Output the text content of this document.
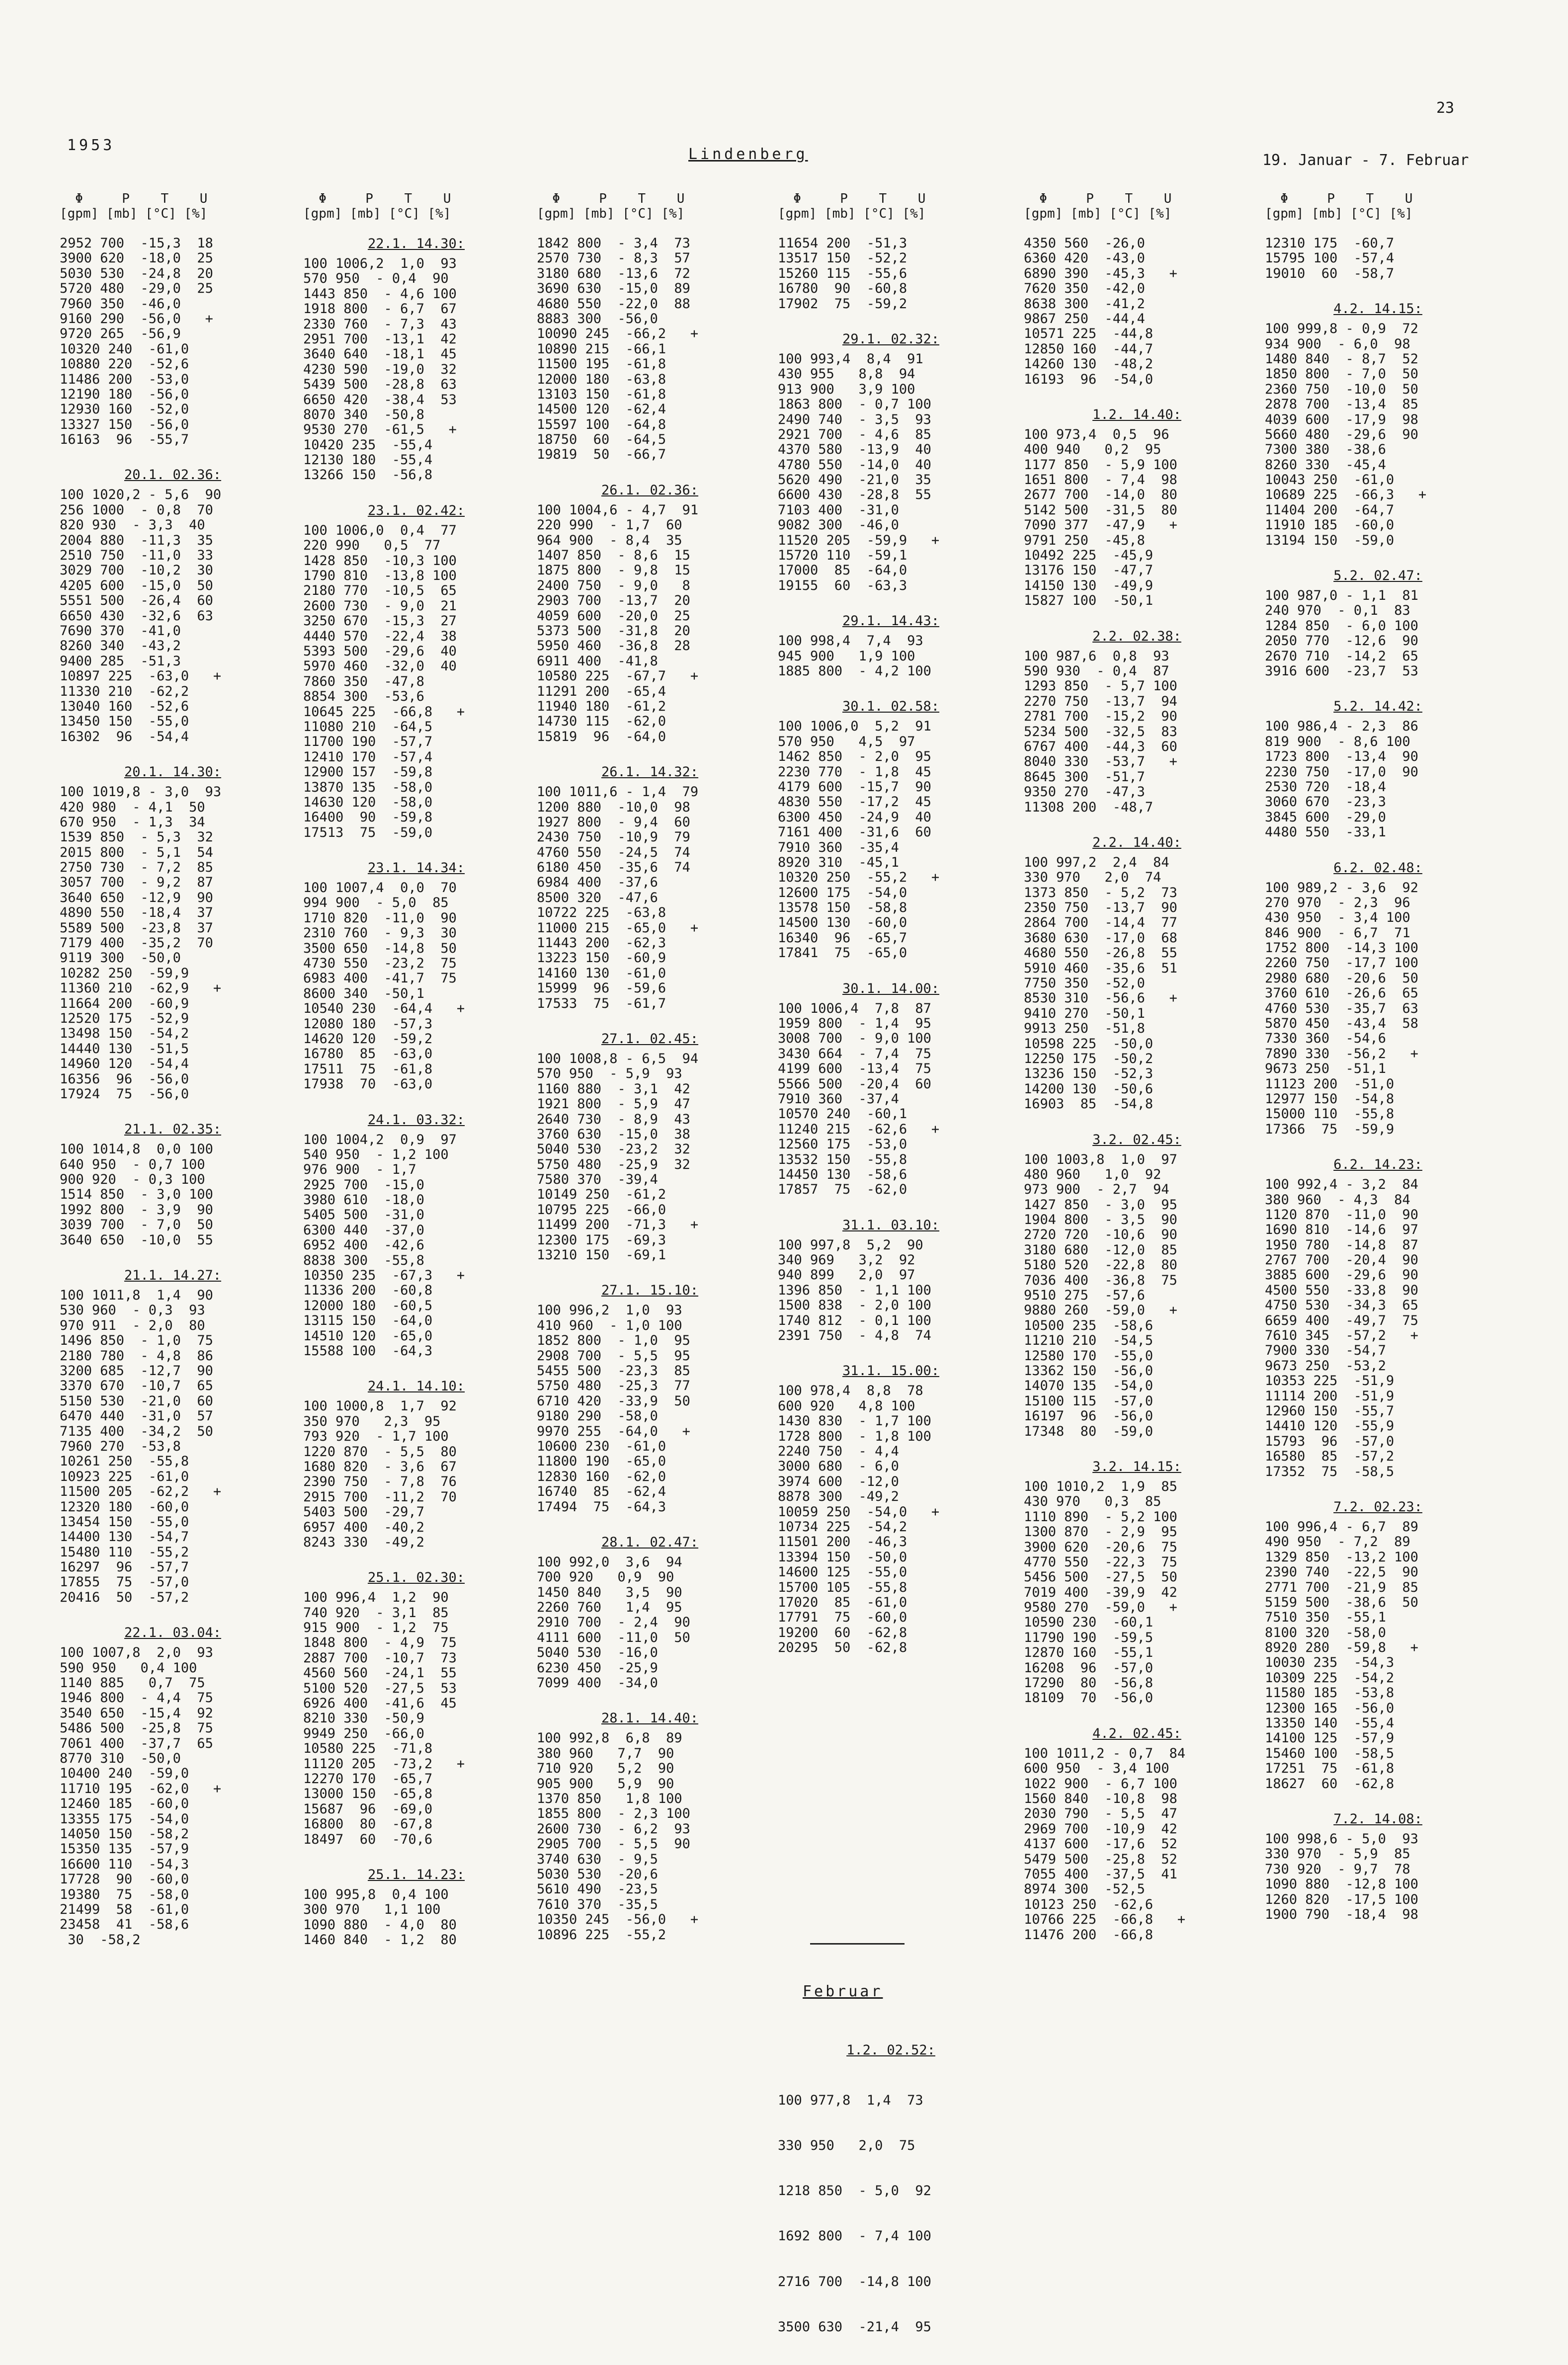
1953
Lindenberg	19. Januar - 7. Februar
23
Φ     P    T    U
[gpm] [mb] [°C] [%]
2952 700  -15,3  18
3900 620  -18,0  25
5030 530  -24,8  20
5720 480  -29,0  25
7960 350  -46,0
9160 290  -56,0   +
9720 265  -56,9
10320 240  -61,0
10880 220  -52,6
11486 200  -53,0
12190 180  -56,0
12930 160  -52,0
13327 150  -56,0
16163  96  -55,7
20.1. 02.36:
100 1020,2 - 5,6  90
256 1000  - 0,8  70
820 930  - 3,3  40
2004 880  -11,3  35
2510 750  -11,0  33
3029 700  -10,2  30
4205 600  -15,0  50
5551 500  -26,4  60
6650 430  -32,6  63
7690 370  -41,0
8260 340  -43,2
9400 285  -51,3
10897 225  -63,0   +
11330 210  -62,2
13040 160  -52,6
13450 150  -55,0
16302  96  -54,4
20.1. 14.30:
100 1019,8 - 3,0  93
420 980  - 4,1  50
670 950  - 1,3  34
1539 850  - 5,3  32
2015 800  - 5,1  54
2750 730  - 7,2  85
3057 700  - 9,2  87
3640 650  -12,9  90
4890 550  -18,4  37
5589 500  -23,8  37
7179 400  -35,2  70
9119 300  -50,0
10282 250  -59,9
11360 210  -62,9   +
11664 200  -60,9
12520 175  -52,9
13498 150  -54,2
14440 130  -51,5
14960 120  -54,4
16356  96  -56,0
17924  75  -56,0
21.1. 02.35:
100 1014,8  0,0 100
640 950  - 0,7 100
900 920  - 0,3 100
1514 850  - 3,0 100
1992 800  - 3,9  90
3039 700  - 7,0  50
3640 650  -10,0  55
21.1. 14.27:
100 1011,8  1,4  90
530 960  - 0,3  93
970 911  - 2,0  80
1496 850  - 1,0  75
2180 780  - 4,8  86
3200 685  -12,7  90
3370 670  -10,7  65
5150 530  -21,0  60
6470 440  -31,0  57
7135 400  -34,2  50
7960 270  -53,8
10261 250  -55,8
10923 225  -61,0
11500 205  -62,2   +
12320 180  -60,0
13454 150  -55,0
14400 130  -54,7
15480 110  -55,2
16297  96  -57,7
17855  75  -57,0
20416  50  -57,2
22.1. 03.04:
100 1007,8  2,0  93
590 950   0,4 100
1140 885   0,7  75
1946 800  - 4,4  75
3540 650  -15,4  92
5486 500  -25,8  75
7061 400  -37,7  65
8770 310  -50,0
10400 240  -59,0
11710 195  -62,0   +
12460 185  -60,0
13355 175  -54,0
14050 150  -58,2
15350 135  -57,9
16600 110  -54,3
17728  90  -60,0
19380  75  -58,0
21499  58  -61,0
23458  41  -58,6
30  -58,2
Φ     P    T    U
[gpm] [mb] [°C] [%]
22.1. 14.30:
100 1006,2  1,0  93
570 950  - 0,4  90
1443 850  - 4,6 100
1918 800  - 6,7  67
2330 760  - 7,3  43
2951 700  -13,1  42
3640 640  -18,1  45
4230 590  -19,0  32
5439 500  -28,8  63
6650 420  -38,4  53
8070 340  -50,8
9530 270  -61,5   +
10420 235  -55,4
12130 180  -55,4
13266 150  -56,8
23.1. 02.42:
100 1006,0  0,4  77
220 990   0,5  77
1428 850  -10,3 100
1790 810  -13,8 100
2180 770  -10,5  65
2600 730  - 9,0  21
3250 670  -15,3  27
4440 570  -22,4  38
5393 500  -29,6  40
5970 460  -32,0  40
7860 350  -47,8
8854 300  -53,6
10645 225  -66,8   +
11080 210  -64,5
11700 190  -57,7
12410 170  -57,4
12900 157  -59,8
13870 135  -58,0
14630 120  -58,0
16400  90  -59,8
17513  75  -59,0
23.1. 14.34:
100 1007,4  0,0  70
994 900  - 5,0  85
1710 820  -11,0  90
2310 760  - 9,3  30
3500 650  -14,8  50
4730 550  -23,2  75
6983 400  -41,7  75
8600 340  -50,1
10540 230  -64,4   +
12080 180  -57,3
14620 120  -59,2
16780  85  -63,0
17511  75  -61,8
17938  70  -63,0
24.1. 03.32:
100 1004,2  0,9  97
540 950  - 1,2 100
976 900  - 1,7
2925 700  -15,0
3980 610  -18,0
5405 500  -31,0
6300 440  -37,0
6952 400  -42,6
8838 300  -55,8
10350 235  -67,3   +
11336 200  -60,8
12000 180  -60,5
13115 150  -64,0
14510 120  -65,0
15588 100  -64,3
24.1. 14.10:
100 1000,8  1,7  92
350 970   2,3  95
793 920  - 1,7 100
1220 870  - 5,5  80
1680 820  - 3,6  67
2390 750  - 7,8  76
2915 700  -11,2  70
5403 500  -29,7
6957 400  -40,2
8243 330  -49,2
25.1. 02.30:
100 996,4  1,2  90
740 920  - 3,1  85
915 900  - 1,2  75
1848 800  - 4,9  75
2887 700  -10,7  73
4560 560  -24,1  55
5100 520  -27,5  53
6926 400  -41,6  45
8210 330  -50,9
9949 250  -66,0
10580 225  -71,8
11120 205  -73,2   +
12270 170  -65,7
13000 150  -65,8
15687  96  -69,0
16800  80  -67,8
18497  60  -70,6
25.1. 14.23:
100 995,8  0,4 100
300 970   1,1 100
1090 880  - 4,0  80
1460 840  - 1,2  80
Φ     P    T    U
[gpm] [mb] [°C] [%]
1842 800  - 3,4  73
2570 730  - 8,3  57
3180 680  -13,6  72
3690 630  -15,0  89
4680 550  -22,0  88
8883 300  -56,0
10090 245  -66,2   +
10890 215  -66,1
11500 195  -61,8
12000 180  -63,8
13103 150  -61,8
14500 120  -62,4
15597 100  -64,8
18750  60  -64,5
19819  50  -66,7
26.1. 02.36:
100 1004,6 - 4,7  91
220 990  - 1,7  60
964 900  - 8,4  35
1407 850  - 8,6  15
1875 800  - 9,8  15
2400 750  - 9,0   8
2903 700  -13,7  20
4059 600  -20,0  25
5373 500  -31,8  20
5950 460  -36,8  28
6911 400  -41,8
10580 225  -67,7   +
11291 200  -65,4
11940 180  -61,2
14730 115  -62,0
15819  96  -64,0
26.1. 14.32:
100 1011,6 - 1,4  79
1200 880  -10,0  98
1927 800  - 9,4  60
2430 750  -10,9  79
4760 550  -24,5  74
6180 450  -35,6  74
6984 400  -37,6
8500 320  -47,6
10722 225  -63,8
11000 215  -65,0   +
11443 200  -62,3
13223 150  -60,9
14160 130  -61,0
15999  96  -59,6
17533  75  -61,7
27.1. 02.45:
100 1008,8 - 6,5  94
570 950  - 5,9  93
1160 880  - 3,1  42
1921 800  - 5,9  47
2640 730  - 8,9  43
3760 630  -15,0  38
5040 530  -23,2  32
5750 480  -25,9  32
7580 370  -39,4
10149 250  -61,2
10795 225  -66,0
11499 200  -71,3   +
12300 175  -69,3
13210 150  -69,1
27.1. 15.10:
100 996,2  1,0  93
410 960  - 1,0 100
1852 800  - 1,0  95
2908 700  - 5,5  95
5455 500  -23,3  85
5750 480  -25,3  77
6710 420  -33,9  50
9180 290  -58,0
9970 255  -64,0   +
10600 230  -61,0
11800 190  -65,0
12830 160  -62,0
16740  85  -62,4
17494  75  -64,3
28.1. 02.47:
100 992,0  3,6  94
700 920   0,9  90
1450 840   3,5  90
2260 760   1,4  95
2910 700  - 2,4  90
4111 600  -11,0  50
5040 530  -16,0
6230 450  -25,9
7099 400  -34,0
28.1. 14.40:
100 992,8  6,8  89
380 960   7,7  90
710 920   5,2  90
905 900   5,9  90
1370 850   1,8 100
1855 800  - 2,3 100
2600 730  - 6,2  93
2905 700  - 5,5  90
3740 630  - 9,5
5030 530  -20,6
5610 490  -23,5
7610 370  -35,5
10350 245  -56,0   +
10896 225  -55,2
Φ     P    T    U
[gpm] [mb] [°C] [%]
11654 200  -51,3
13517 150  -52,2
15260 115  -55,6
16780  90  -60,8
17902  75  -59,2
29.1. 02.32:
100 993,4  8,4  91
430 955   8,8  94
913 900   3,9 100
1863 800  - 0,7 100
2490 740  - 3,5  93
2921 700  - 4,6  85
4370 580  -13,9  40
4780 550  -14,0  40
5620 490  -21,0  35
6600 430  -28,8  55
7103 400  -31,0
9082 300  -46,0
11520 205  -59,9   +
15720 110  -59,1
17000  85  -64,0
19155  60  -63,3
29.1. 14.43:
100 998,4  7,4  93
945 900   1,9 100
1885 800  - 4,2 100
30.1. 02.58:
100 1006,0  5,2  91
570 950   4,5  97
1462 850  - 2,0  95
2230 770  - 1,8  45
4179 600  -15,7  90
4830 550  -17,2  45
6300 450  -24,9  40
7161 400  -31,6  60
7910 360  -35,4
8920 310  -45,1
10320 250  -55,2   +
12600 175  -54,0
13578 150  -58,8
14500 130  -60,0
16340  96  -65,7
17841  75  -65,0
30.1. 14.00:
100 1006,4  7,8  87
1959 800  - 1,4  95
3008 700  - 9,0 100
3430 664  - 7,4  75
4199 600  -13,4  75
5566 500  -20,4  60
7910 360  -37,4
10570 240  -60,1
11240 215  -62,6   +
12560 175  -53,0
13532 150  -55,8
14450 130  -58,6
17857  75  -62,0
31.1. 03.10:
100 997,8  5,2  90
340 969   3,2  92
940 899   2,0  97
1396 850  - 1,1 100
1500 838  - 2,0 100
1740 812  - 0,1 100
2391 750  - 4,8  74
31.1. 15.00:
100 978,4  8,8  78
600 920   4,8 100
1430 830  - 1,7 100
1728 800  - 1,8 100
2240 750  - 4,4
3000 680  - 6,0
3974 600  -12,0
8878 300  -49,2
10059 250  -54,0   +
10734 225  -54,2
11501 200  -46,3
13394 150  -50,0
14600 125  -55,0
15700 105  -55,8
17020  85  -61,0
17791  75  -60,0
19200  60  -62,8
20295  50  -62,8
Φ     P    T    U
[gpm] [mb] [°C] [%]
4350 560  -26,0
6360 420  -43,0
6890 390  -45,3   +
7620 350  -42,0
8638 300  -41,2
9867 250  -44,4
10571 225  -44,8
12850 160  -44,7
14260 130  -48,2
16193  96  -54,0
1.2. 14.40:
100 973,4  0,5  96
400 940   0,2  95
1177 850  - 5,9 100
1651 800  - 7,4  98
2677 700  -14,0  80
5142 500  -31,5  80
7090 377  -47,9   +
9791 250  -45,8
10492 225  -45,9
13176 150  -47,7
14150 130  -49,9
15827 100  -50,1
2.2. 02.38:
100 987,6  0,8  93
590 930  - 0,4  87
1293 850  - 5,7 100
2270 750  -13,7  94
2781 700  -15,2  90
5234 500  -32,5  83
6767 400  -44,3  60
8040 330  -53,7   +
8645 300  -51,7
9350 270  -47,3
11308 200  -48,7
2.2. 14.40:
100 997,2  2,4  84
330 970   2,0  74
1373 850  - 5,2  73
2350 750  -13,7  90
2864 700  -14,4  77
3680 630  -17,0  68
4680 550  -26,8  55
5910 460  -35,6  51
7750 350  -52,0
8530 310  -56,6   +
9410 270  -50,1
9913 250  -51,8
10598 225  -50,0
12250 175  -50,2
13236 150  -52,3
14200 130  -50,6
16903  85  -54,8
3.2. 02.45:
100 1003,8  1,0  97
480 960   1,0  92
973 900  - 2,7  94
1427 850  - 3,0  95
1904 800  - 3,5  90
2720 720  -10,6  90
3180 680  -12,0  85
5180 520  -22,8  80
7036 400  -36,8  75
9510 275  -57,6
9880 260  -59,0   +
10500 235  -58,6
11210 210  -54,5
12580 170  -55,0
13362 150  -56,0
14070 135  -54,0
15100 115  -57,0
16197  96  -56,0
17348  80  -59,0
3.2. 14.15:
100 1010,2  1,9  85
430 970   0,3  85
1110 890  - 5,2 100
1300 870  - 2,9  95
3900 620  -20,6  75
4770 550  -22,3  75
5456 500  -27,5  50
7019 400  -39,9  42
9580 270  -59,0   +
10590 230  -60,1
11790 190  -59,5
12870 160  -55,1
16208  96  -57,0
17290  80  -56,8
18109  70  -56,0
4.2. 02.45:
100 1011,2 - 0,7  84
600 950  - 3,4 100
1022 900  - 6,7 100
1560 840  -10,8  98
2030 790  - 5,5  47
2969 700  -10,9  42
4137 600  -17,6  52
5479 500  -25,8  52
7055 400  -37,5  41
8974 300  -52,5
10123 250  -62,6
10766 225  -66,8   +
11476 200  -66,8
Φ     P    T    U
[gpm] [mb] [°C] [%]
12310 175  -60,7
15795 100  -57,4
19010  60  -58,7
4.2. 14.15:
100 999,8 - 0,9  72
934 900  - 6,0  98
1480 840  - 8,7  52
1850 800  - 7,0  50
2360 750  -10,0  50
2878 700  -13,4  85
4039 600  -17,9  98
5660 480  -29,6  90
7300 380  -38,6
8260 330  -45,4
10043 250  -61,0
10689 225  -66,3   +
11404 200  -64,7
11910 185  -60,0
13194 150  -59,0
5.2. 02.47:
100 987,0 - 1,1  81
240 970  - 0,1  83
1284 850  - 6,0 100
2050 770  -12,6  90
2670 710  -14,2  65
3916 600  -23,7  53
5.2. 14.42:
100 986,4 - 2,3  86
819 900  - 8,6 100
1723 800  -13,4  90
2230 750  -17,0  90
2530 720  -18,4
3060 670  -23,3
3845 600  -29,0
4480 550  -33,1
6.2. 02.48:
100 989,2 - 3,6  92
270 970  - 2,3  96
430 950  - 3,4 100
846 900  - 6,7  71
1752 800  -14,3 100
2260 750  -17,7 100
2980 680  -20,6  50
3760 610  -26,6  65
4760 530  -35,7  63
5870 450  -43,4  58
7330 360  -54,6
7890 330  -56,2   +
9673 250  -51,1
11123 200  -51,0
12977 150  -54,8
15000 110  -55,8
17366  75  -59,9
6.2. 14.23:
100 992,4 - 3,2  84
380 960  - 4,3  84
1120 870  -11,0  90
1690 810  -14,6  97
1950 780  -14,8  87
2767 700  -20,4  90
3885 600  -29,6  90
4500 550  -33,8  90
4750 530  -34,3  65
6659 400  -49,7  75
7610 345  -57,2   +
7900 330  -54,7
9673 250  -53,2
10353 225  -51,9
11114 200  -51,9
12960 150  -55,7
14410 120  -55,9
15793  96  -57,0
16580  85  -57,2
17352  75  -58,5
7.2. 02.23:
100 996,4 - 6,7  89
490 950  - 7,2  89
1329 850  -13,2 100
2390 740  -22,5  90
2771 700  -21,9  85
5159 500  -38,6  50
7510 350  -55,1
8100 320  -58,0
8920 280  -59,8   +
10030 235  -54,3
10309 225  -54,2
11580 185  -53,8
12300 165  -56,0
13350 140  -55,4
14100 125  -57,9
15460 100  -58,5
17251  75  -61,8
18627  60  -62,8
7.2. 14.08:
100 998,6 - 5,0  93
330 970  - 5,9  85
730 920  - 9,7  78
1090 880  -12,8 100
1260 820  -17,5 100
1900 790  -18,4  98
Februar
1.2. 02.52:

100 977,8  1,4  73

330 950   2,0  75

1218 850  - 5,0  92

1692 800  - 7,4 100

2716 700  -14,8 100

3500 630  -21,4  95
